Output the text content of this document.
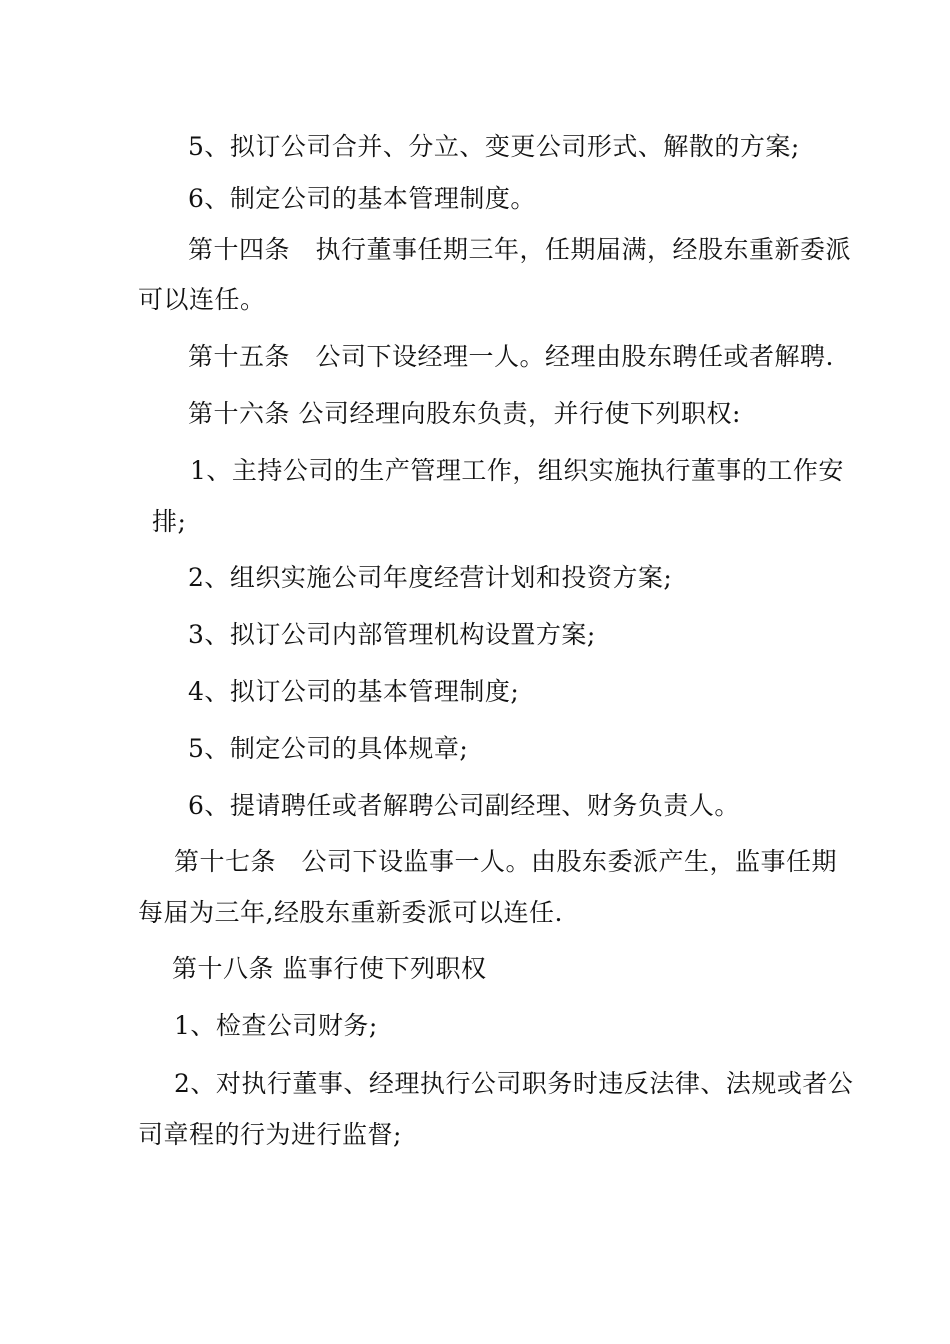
5、拟订公司合并、分立、变更公司形式、解散的方案;
6、制定公司的基本管理制度。
第十四条　执行董事任期三年，任期届满，经股东重新委派
可以连任。
第十五条　公司下设经理一人。经理由股东聘任或者解聘.
第十六条 公司经理向股东负责，并行使下列职权:
1、主持公司的生产管理工作，组织实施执行董事的工作安
排;
2、组织实施公司年度经营计划和投资方案;
3、拟订公司内部管理机构设置方案;
4、拟订公司的基本管理制度;
5、制定公司的具体规章;
6、提请聘任或者解聘公司副经理、财务负责人。
第十七条　公司下设监事一人。由股东委派产生，监事任期
每届为三年,经股东重新委派可以连任.
第十八条 监事行使下列职权
1、检查公司财务;
2、对执行董事、经理执行公司职务时违反法律、法规或者公
司章程的行为进行监督;
